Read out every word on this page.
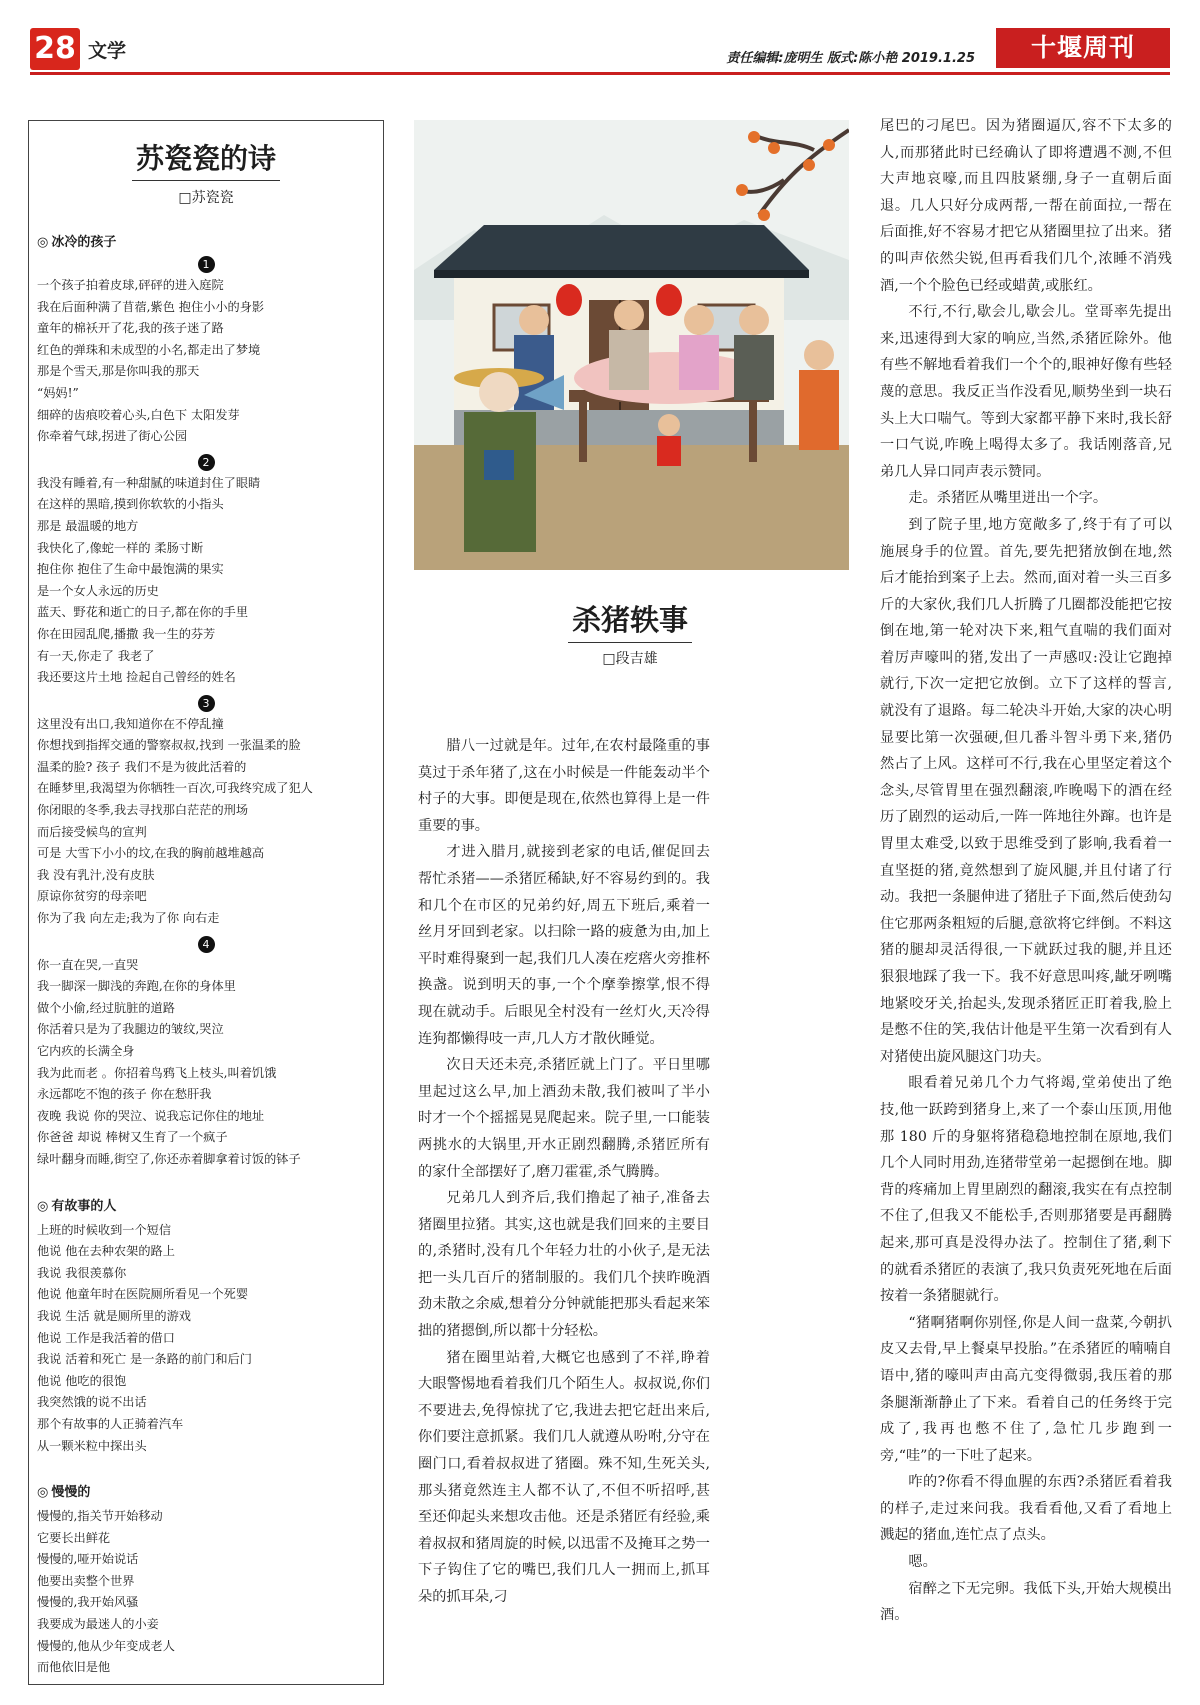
28 文学	责任编辑:庞明生 版式:陈小艳 2019.1.25	十堰周刊
苏瓷瓷的诗
□苏瓷瓷
◎ 冰冷的孩子
1
一个孩子拍着皮球,砰砰的进入庭院
我在后面种满了苜蓿,紫色 抱住小小的身影
童年的棉袄开了花,我的孩子迷了路
红色的弹珠和未成型的小名,都走出了梦境
那是个雪天,那是你叫我的那天
“妈妈!”
细碎的齿痕咬着心头,白色下 太阳发芽
你牵着气球,拐进了街心公园
2
我没有睡着,有一种甜腻的味道封住了眼睛
在这样的黑暗,摸到你软软的小指头
那是 最温暖的地方
我快化了,像蛇一样的 柔肠寸断
抱住你 抱住了生命中最饱满的果实
是一个女人永远的历史
蓝天、野花和逝亡的日子,都在你的手里
你在田园乱爬,播撒 我一生的芬芳
有一天,你走了 我老了
我还要这片土地 捡起自己曾经的姓名
3
这里没有出口,我知道你在不停乱撞
你想找到指挥交通的警察叔叔,找到 一张温柔的脸
温柔的脸? 孩子 我们不是为彼此活着的
在睡梦里,我渴望为你牺牲一百次,可我终究成了犯人
你闭眼的冬季,我去寻找那白茫茫的刑场
而后接受候鸟的宣判
可是 大雪下小小的坟,在我的胸前越堆越高
我 没有乳汁,没有皮肤
原谅你贫穷的母亲吧
你为了我 向左走;我为了你 向右走
4
你一直在哭,一直哭
我一脚深一脚浅的奔跑,在你的身体里
做个小偷,经过肮脏的道路
你活着只是为了我腿边的皱纹,哭泣
它内疚的长满全身
我为此而老 。你招着鸟鸦飞上枝头,叫着饥饿
永远都吃不饱的孩子 你在愁肝我
夜晚 我说 你的哭泣、说我忘记你住的地址
你爸爸 却说 棒树又生育了一个疯子
绿叶翻身而睡,街空了,你还赤着脚拿着讨饭的钵子
◎ 有故事的人
上班的时候收到一个短信
他说 他在去种农架的路上
我说 我很羡慕你
他说 他童年时在医院厕所看见一个死婴
我说 生活 就是厕所里的游戏
他说 工作是我活着的借口
我说 活着和死亡 是一条路的前门和后门
他说 他吃的很饱
我突然饿的说不出话
那个有故事的人正骑着汽车
从一颗米粒中探出头
◎ 慢慢的
慢慢的,指关节开始移动
它要长出鲜花
慢慢的,哑开始说话
他要出卖整个世界
慢慢的,我开始风骚
我要成为最迷人的小妾
慢慢的,他从少年变成老人
而他依旧是他
杀猪轶事
□段吉雄

腊八一过就是年。过年,在农村最隆重的事莫过于杀年猪了,这在小时候是一件能轰动半个村子的大事。即便是现在,依然也算得上是一件重要的事。

才进入腊月,就接到老家的电话,催促回去帮忙杀猪——杀猪匠稀缺,好不容易约到的。我和几个在市区的兄弟约好,周五下班后,乘着一丝月牙回到老家。以扫除一路的疲惫为由,加上平时难得聚到一起,我们几人凑在疙瘩火旁推杯换盏。说到明天的事,一个个摩拳擦掌,恨不得现在就动手。后眼见全村没有一丝灯火,天冷得连狗都懒得吱一声,几人方才散伙睡觉。

次日天还未亮,杀猪匠就上门了。平日里哪里起过这么早,加上酒劲未散,我们被叫了半小时才一个个摇摇晃晃爬起来。院子里,一口能装两挑水的大锅里,开水正剧烈翻腾,杀猪匠所有的家什全部摆好了,磨刀霍霍,杀气腾腾。

兄弟几人到齐后,我们撸起了袖子,准备去猪圈里拉猪。其实,这也就是我们回来的主要目的,杀猪时,没有几个年轻力壮的小伙子,是无法把一头几百斤的猪制服的。我们几个挟昨晚酒劲未散之余威,想着分分钟就能把那头看起来笨拙的猪摁倒,所以都十分轻松。

猪在圈里站着,大概它也感到了不祥,睁着大眼警惕地看着我们几个陌生人。叔叔说,你们不要进去,免得惊扰了它,我进去把它赶出来后,你们要注意抓紧。我们几人就遵从吩咐,分守在圈门口,看着叔叔进了猪圈。殊不知,生死关头,那头猪竟然连主人都不认了,不但不听招呼,甚至还仰起头来想攻击他。还是杀猪匠有经验,乘着叔叔和猪周旋的时候,以迅雷不及掩耳之势一下子钩住了它的嘴巴,我们几人一拥而上,抓耳朵的抓耳朵,刁

尾巴的刁尾巴。因为猪圈逼仄,容不下太多的人,而那猪此时已经确认了即将遭遇不测,不但大声地哀嚎,而且四肢紧绷,身子一直朝后面退。几人只好分成两帮,一帮在前面拉,一帮在后面推,好不容易才把它从猪圈里拉了出来。猪的叫声依然尖锐,但再看我们几个,浓睡不消残酒,一个个脸色已经或蜡黄,或胀红。

不行,不行,歇会儿,歇会儿。堂哥率先提出来,迅速得到大家的响应,当然,杀猪匠除外。他有些不解地看着我们一个个的,眼神好像有些轻蔑的意思。我反正当作没看见,顺势坐到一块石头上大口喘气。等到大家都平静下来时,我长舒一口气说,咋晚上喝得太多了。我话刚落音,兄弟几人异口同声表示赞同。

走。杀猪匠从嘴里迸出一个字。

到了院子里,地方宽敞多了,终于有了可以施展身手的位置。首先,要先把猪放倒在地,然后才能抬到案子上去。然而,面对着一头三百多斤的大家伙,我们几人折腾了几圈都没能把它按倒在地,第一轮对决下来,粗气直喘的我们面对着厉声嚎叫的猪,发出了一声感叹:没让它跑掉就行,下次一定把它放倒。立下了这样的誓言,就没有了退路。每二轮决斗开始,大家的决心明显要比第一次强硬,但几番斗智斗勇下来,猪仍然占了上风。这样可不行,我在心里坚定着这个念头,尽管胃里在强烈翻滚,咋晚喝下的酒在经历了剧烈的运动后,一阵一阵地往外蹿。也许是胃里太难受,以致于思维受到了影响,我看着一直坚挺的猪,竟然想到了旋风腿,并且付诸了行动。我把一条腿伸进了猪肚子下面,然后使劲勾住它那两条粗短的后腿,意欲将它绊倒。不料这猪的腿却灵活得很,一下就跃过我的腿,并且还狠狠地踩了我一下。我不好意思叫疼,龇牙咧嘴地紧咬牙关,抬起头,发现杀猪匠正盯着我,脸上是憋不住的笑,我估计他是平生第一次看到有人对猪使出旋风腿这门功夫。

眼看着兄弟几个力气将竭,堂弟使出了绝技,他一跃跨到猪身上,来了一个泰山压顶,用他那 180 斤的身躯将猪稳稳地控制在原地,我们几个人同时用劲,连猪带堂弟一起摁倒在地。脚背的疼痛加上胃里剧烈的翻滚,我实在有点控制不住了,但我又不能松手,否则那猪要是再翻腾起来,那可真是没得办法了。控制住了猪,剩下的就看杀猪匠的表演了,我只负责死死地在后面按着一条猪腿就行。

“猪啊猪啊你别怪,你是人间一盘菜,今朝扒皮又去骨,早上餐桌早投胎。”在杀猪匠的喃喃自语中,猪的嚎叫声由高亢变得微弱,我压着的那条腿渐渐静止了下来。看着自己的任务终于完成了,我再也憋不住了,急忙几步跑到一旁,“哇”的一下吐了起来。

咋的?你看不得血腥的东西?杀猪匠看着我的样子,走过来问我。我看看他,又看了看地上溅起的猪血,连忙点了点头。

嗯。

宿醉之下无完卵。我低下头,开始大规模出酒。
